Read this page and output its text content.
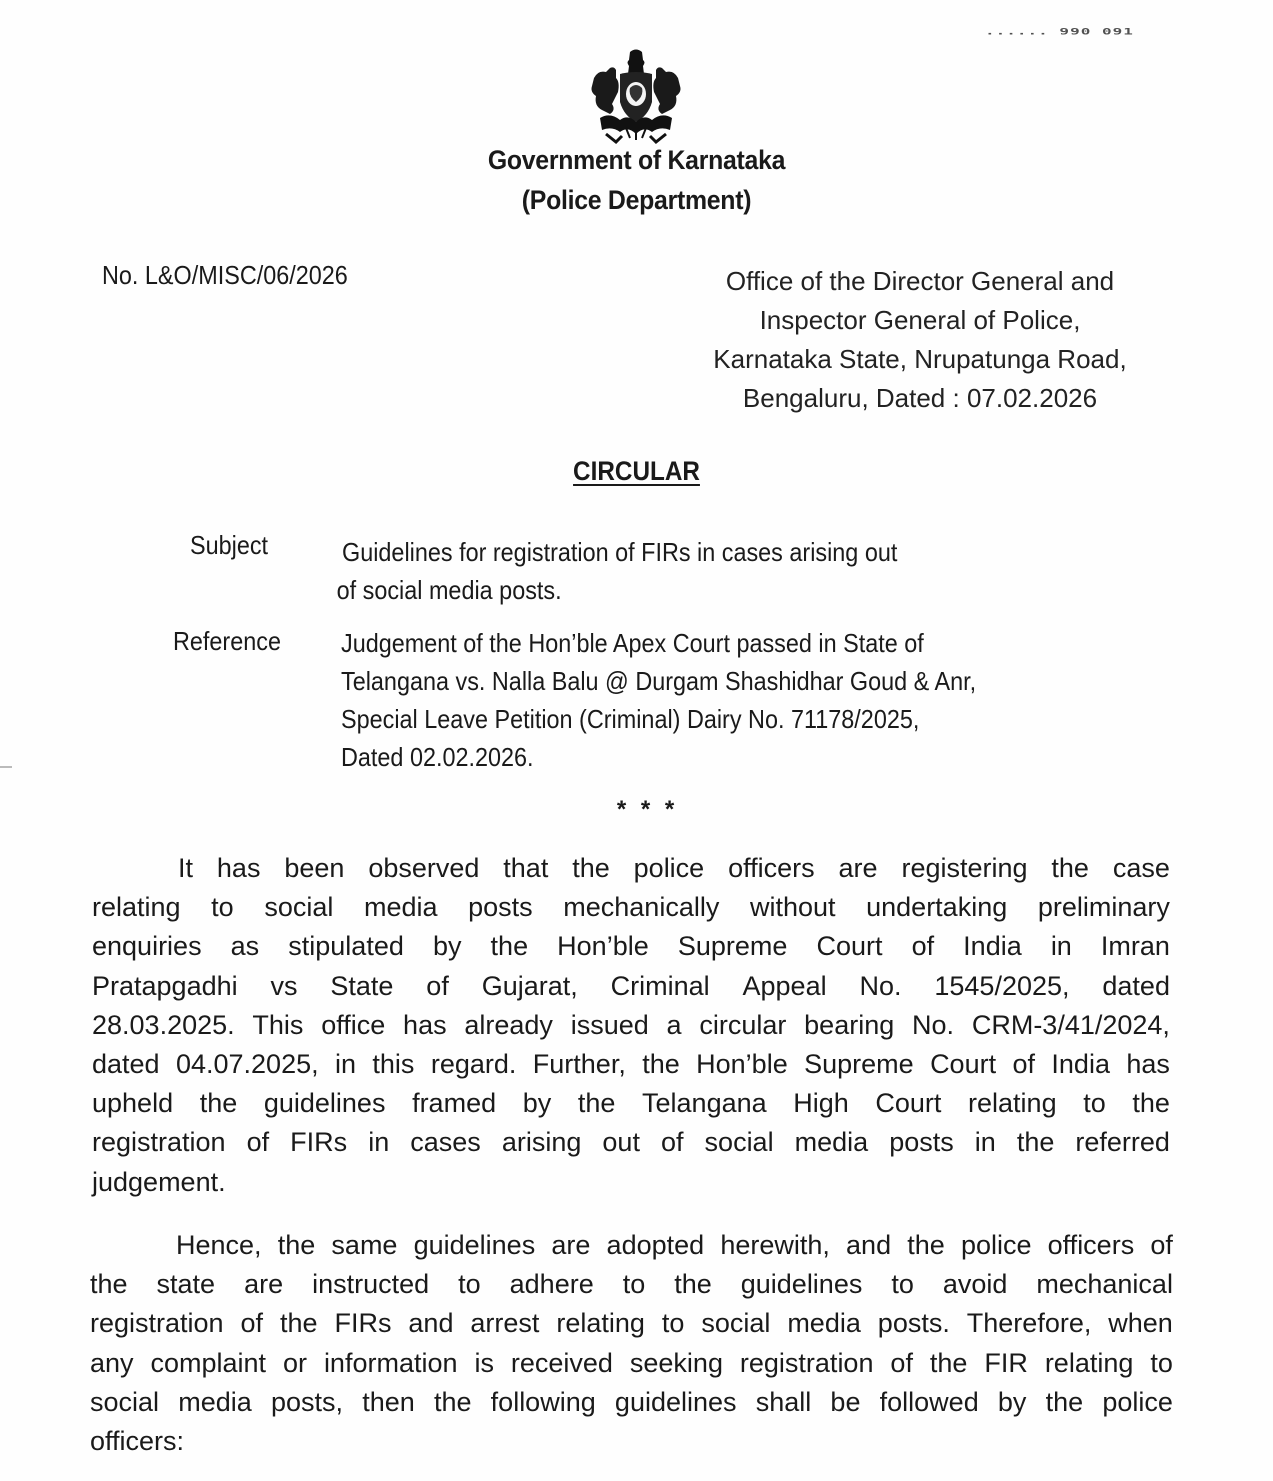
...... 990 091
Government of Karnataka
(Police Department)
No. L&O/MISC/06/2026	Office of the Director General and
Inspector General of Police,
Karnataka State, Nrupatunga Road,
Bengaluru, Dated : 07.02.2026
CIRCULAR
Subject	Guidelines for registration of FIRs in cases arising out
of social media posts.
Reference Judgement of the Hon’ble Apex Court passed in State of
Telangana vs. Nalla Balu @ Durgam Shashidhar Goud & Anr,
Special Leave Petition (Criminal) Dairy No. 71178/2025,
Dated 02.02.2026.
* * *
It has been observed that the police officers are registering the case
relating to social media posts mechanically without undertaking preliminary
enquiries as stipulated by the Hon’ble Supreme Court of India in Imran
Pratapgadhi vs State of Gujarat, Criminal Appeal No. 1545/2025, dated
28.03.2025. This office has already issued a circular bearing No. CRM-3/41/2024,
dated 04.07.2025, in this regard. Further, the Hon’ble Supreme Court of India has
upheld the guidelines framed by the Telangana High Court relating to the
registration of FIRs in cases arising out of social media posts in the referred
judgement.
Hence, the same guidelines are adopted herewith, and the police officers of
the state are instructed to adhere to the guidelines to avoid mechanical
registration of the FIRs and arrest relating to social media posts. Therefore, when
any complaint or information is received seeking registration of the FIR relating to
social media posts, then the following guidelines shall be followed by the police
officers:
